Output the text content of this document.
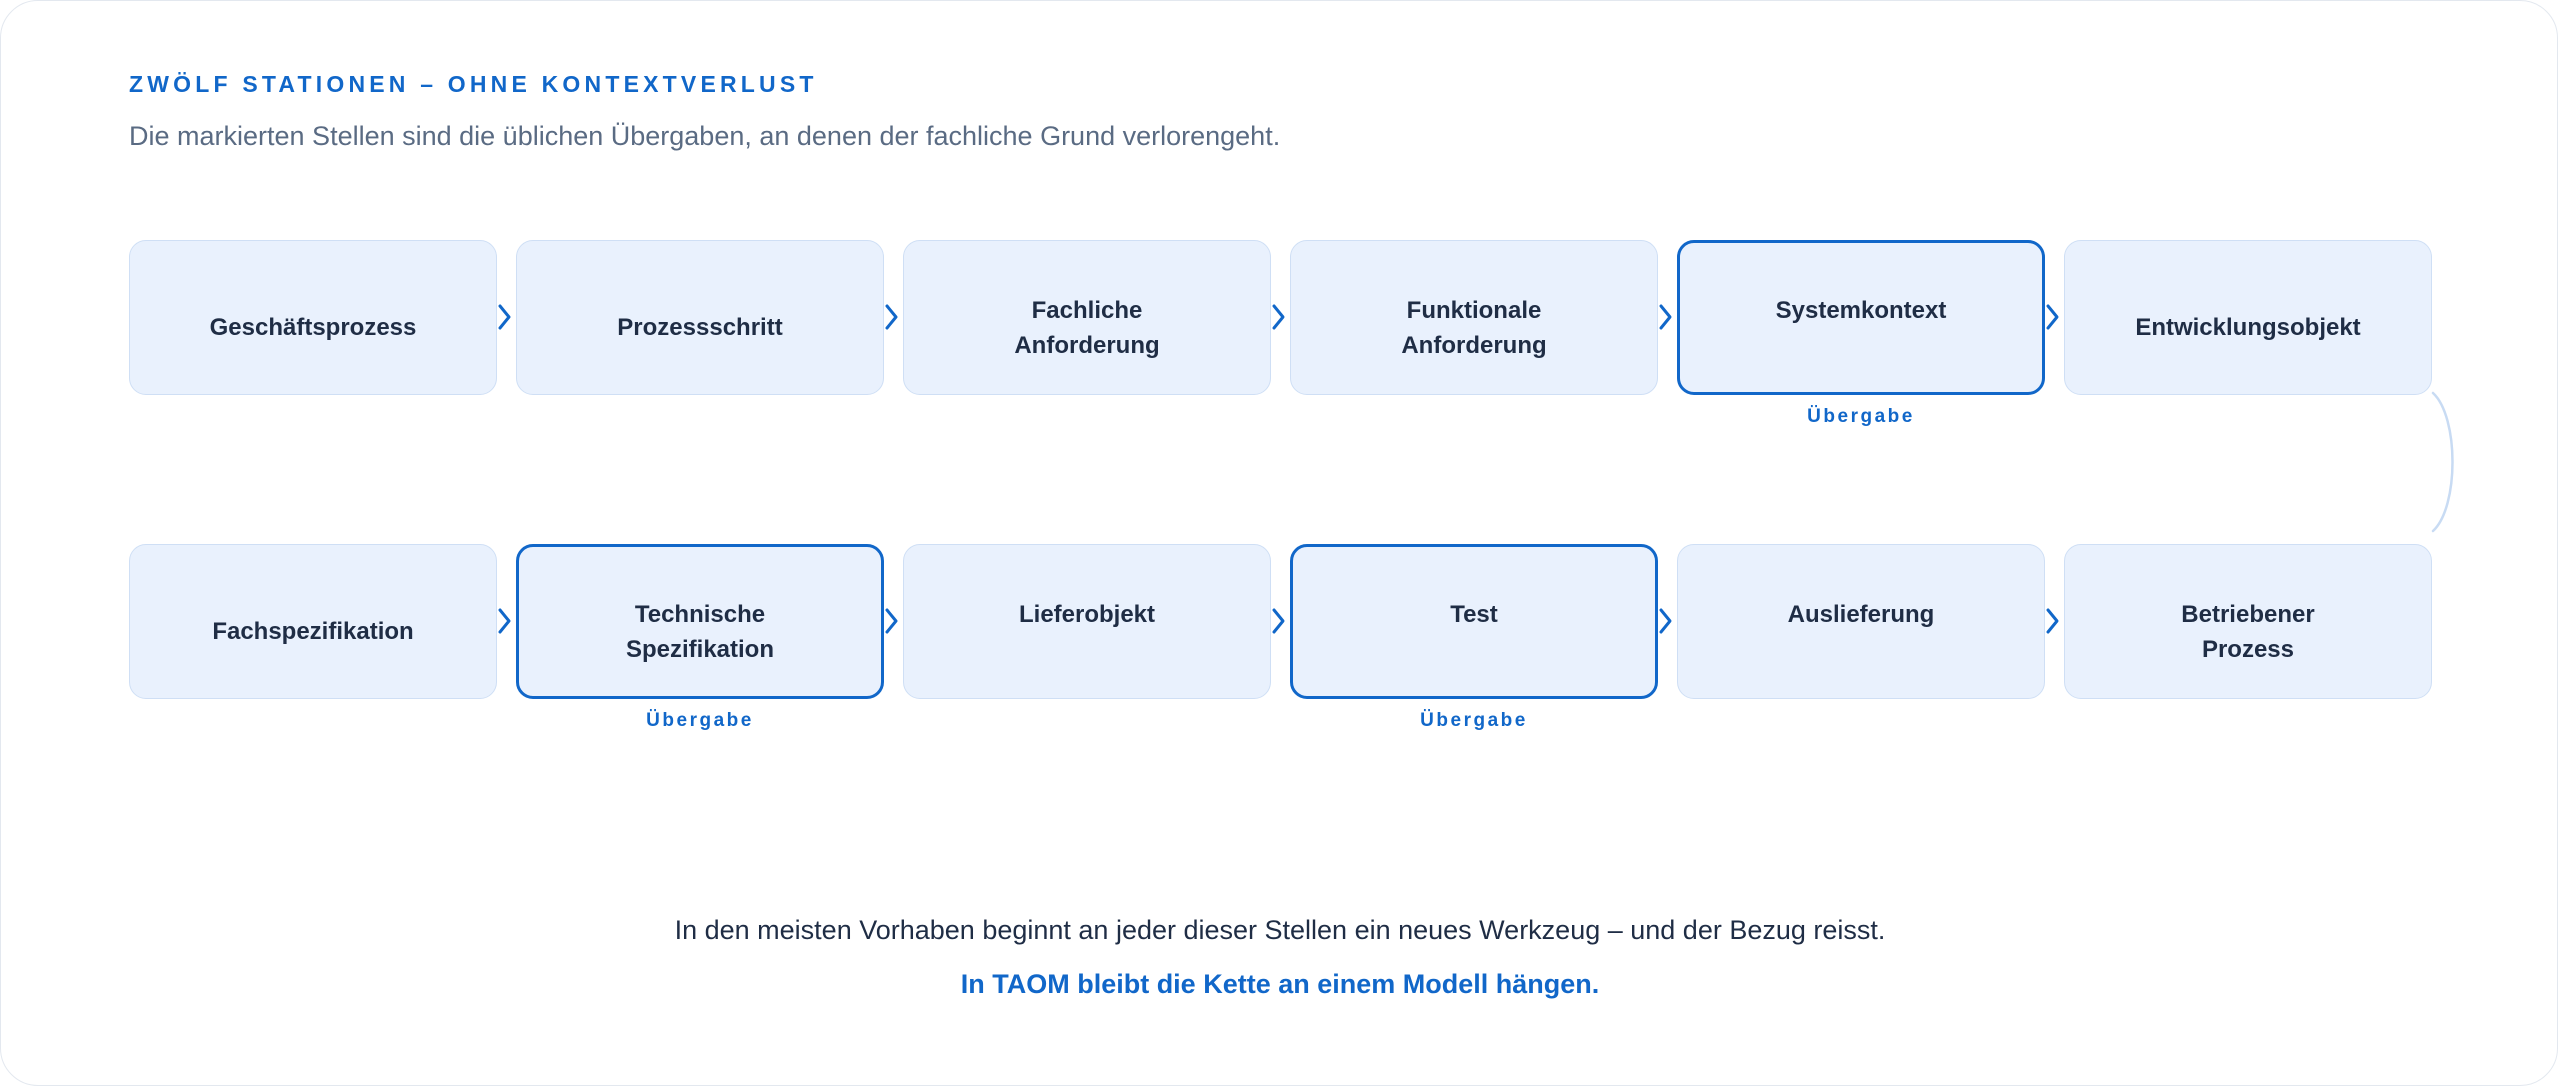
ZWÖLF STATIONEN – OHNE KONTEXTVERLUST
Die markierten Stellen sind die üblichen Übergaben, an denen der fachliche Grund verlorengeht.
Geschäftsprozess	Prozessschritt
Fachliche
Anforderung
Funktionale
Anforderung
Systemkontext
Übergabe
Entwicklungsobjekt
Fachspezifikation
Technische
Spezifikation
Übergabe
Lieferobjekt	Test
Übergabe
Auslieferung	Betriebener
Prozess
In den meisten Vorhaben beginnt an jeder dieser Stellen ein neues Werkzeug – und der Bezug reisst.
In TAOM bleibt die Kette an einem Modell hängen.
